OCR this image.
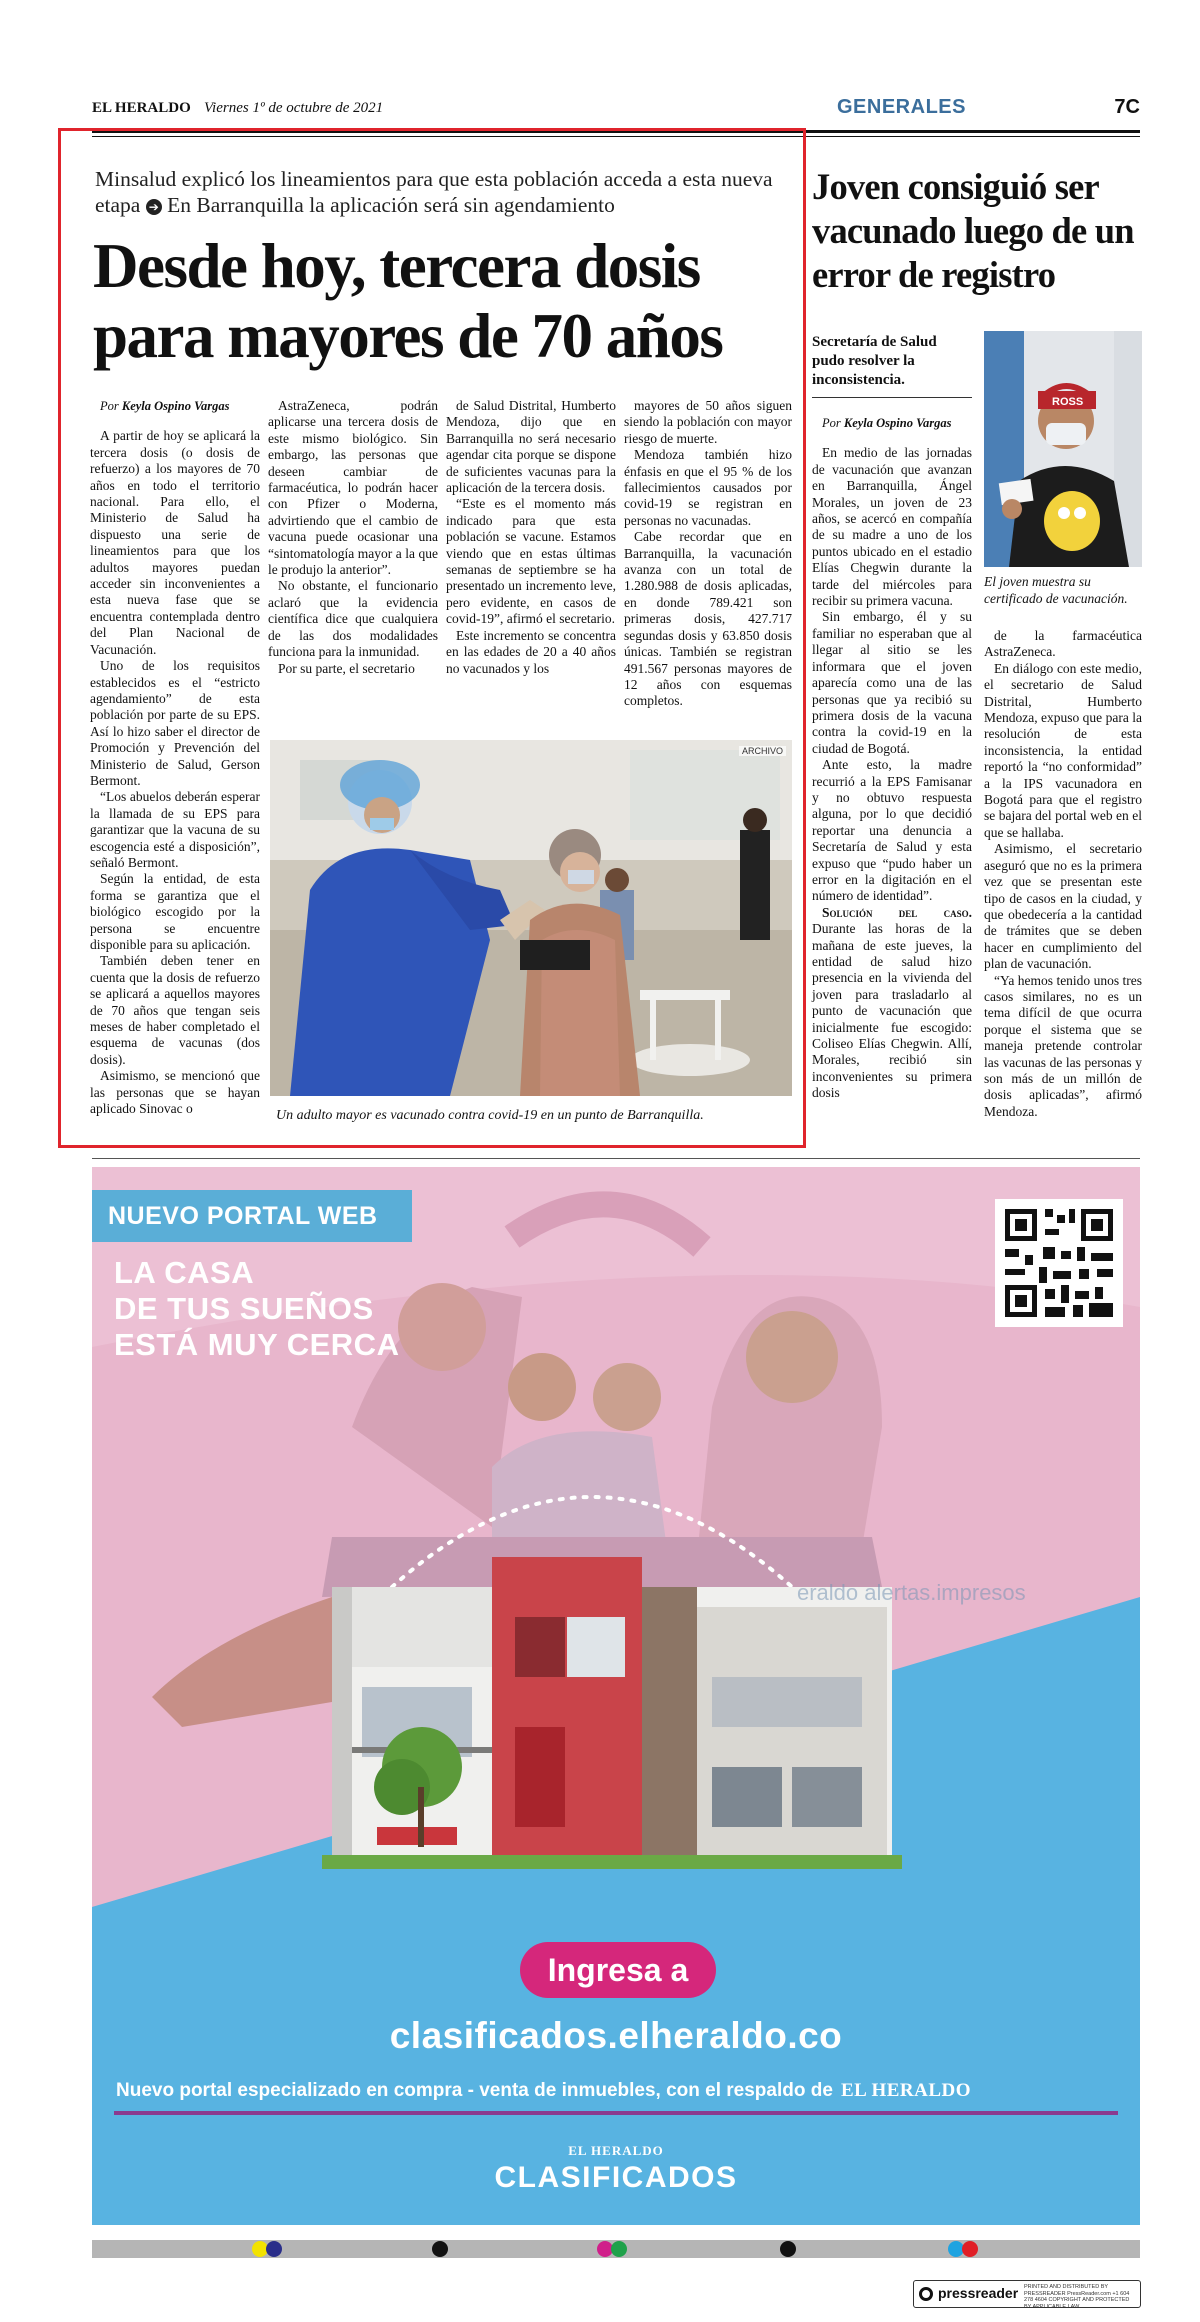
EL HERALDO Viernes 1º de octubre de 2021	GENERALES	7C
Minsalud explicó los lineamientos para que esta población acceda a esta nueva etapa ➔ En Barranquilla la aplicación será sin agendamiento
Desde hoy, tercera dosis
para mayores de 70 años
Por Keyla Ospino Vargas

A partir de hoy se aplicará la tercera dosis (o dosis de refuerzo) a los mayores de 70 años en todo el territorio nacional. Para ello, el Ministerio de Salud ha dispuesto una serie de lineamientos para que los adultos mayores puedan acceder sin inconvenientes a esta nueva fase que se encuentra contemplada dentro del Plan Nacional de Vacunación.

Uno de los requisitos establecidos es el “estricto agendamiento” de esta población por parte de su EPS. Así lo hizo saber el director de Promoción y Prevención del Ministerio de Salud, Gerson Bermont.

“Los abuelos deberán esperar la llamada de su EPS para garantizar que la vacuna de su escogencia esté a disposición”, señaló Bermont.

Según la entidad, de esta forma se garantiza que el biológico escogido por la persona se encuentre disponible para su aplicación.

También deben tener en cuenta que la dosis de refuerzo se aplicará a aquellos mayores de 70 años que tengan seis meses de haber completado el esquema de vacunas (dos dosis).

Asimismo, se mencionó que las personas que se hayan aplicado Sinovac o

AstraZeneca, podrán aplicarse una tercera dosis de este mismo biológico. Sin embargo, las personas que deseen cambiar de farmacéutica, lo podrán hacer con Pfizer o Moderna, advirtiendo que el cambio de vacuna puede ocasionar una “sintomatología mayor a la que le produjo la anterior”.

No obstante, el funcionario aclaró que la evidencia científica dice que cualquiera de las dos modalidades funciona para la inmunidad.

Por su parte, el secretario

de Salud Distrital, Humberto Mendoza, dijo que en Barranquilla no será necesario agendar cita porque se dispone de suficientes vacunas para la aplicación de la tercera dosis.

“Este es el momento más indicado para que esta población se vacune. Estamos viendo que en estas últimas semanas de septiembre se ha presentado un incremento leve, pero evidente, en casos de covid-19”, afirmó el secretario.

Este incremento se concentra en las edades de 20 a 40 años no vacunados y los

mayores de 50 años siguen siendo la población con mayor riesgo de muerte.

Mendoza también hizo énfasis en que el 95 % de los fallecimientos causados por covid-19 se registran en personas no vacunadas.

Cabe recordar que en Barranquilla, la vacunación avanza con un total de 1.280.988 de dosis aplicadas, en donde 789.421 son primeras dosis, 427.717 segundas dosis y 63.850 dosis únicas. También se registran 491.567 personas mayores de 12 años con esquemas completos.

ARCHIVO
Un adulto mayor es vacunado contra covid-19 en un punto de Barranquilla.
Joven consiguió ser vacunado luego de un error de registro
Secretaría de Salud pudo resolver la inconsistencia.
ROSS
El joven muestra su certificado de vacunación.
Por Keyla Ospino Vargas

En medio de las jornadas de vacunación que avanzan en Barranquilla, Ángel Morales, un joven de 23 años, se acercó en compañía de su madre a uno de los puntos ubicado en el estadio Elías Chegwin durante la tarde del miércoles para recibir su primera vacuna.

Sin embargo, él y su familiar no esperaban que al llegar al sitio se les informara que el joven aparecía como una de las personas que ya recibió su primera dosis de la vacuna contra la covid-19 en la ciudad de Bogotá.

Ante esto, la madre recurrió a la EPS Famisanar y no obtuvo respuesta alguna, por lo que decidió reportar una denuncia a Secretaría de Salud y esta expuso que “pudo haber un error en la digitación en el número de identidad”.

Solución del caso. Durante las horas de la mañana de este jueves, la entidad de salud hizo presencia en la vivienda del joven para trasladarlo al punto de vacunación que inicialmente fue escogido: Coliseo Elías Chegwin. Allí, Morales, recibió sin inconvenientes su primera dosis

de la farmacéutica AstraZeneca.

En diálogo con este medio, el secretario de Salud Distrital, Humberto Mendoza, expuso que para la resolución de esta inconsistencia, la entidad reportó la “no conformidad” a la IPS vacunadora en Bogotá para que el registro se bajara del portal web en el que se hallaba.

Asimismo, el secretario aseguró que no es la primera vez que se presentan este tipo de casos en la ciudad, y que obedecería a la cantidad de trámites que se deben hacer en cumplimiento del plan de vacunación.

“Ya hemos tenido unos tres casos similares, no es un tema difícil de que ocurra porque el sistema que se maneja pretende controlar las vacunas de las personas y son más de un millón de dosis aplicadas”, afirmó Mendoza.

NUEVO PORTAL WEB
LA CASA
DE TUS SUEÑOS
ESTÁ MUY CERCA
eraldo alertas.impresos
Ingresa a
clasificados.elheraldo.co
Nuevo portal especializado en compra - venta de inmuebles, con el respaldo de EL HERALDO
EL HERALDO
CLASIFICADOS
pressreader PRINTED AND DISTRIBUTED BY PRESSREADER PressReader.com +1 604 278 4604 COPYRIGHT AND PROTECTED BY APPLICABLE LAW
